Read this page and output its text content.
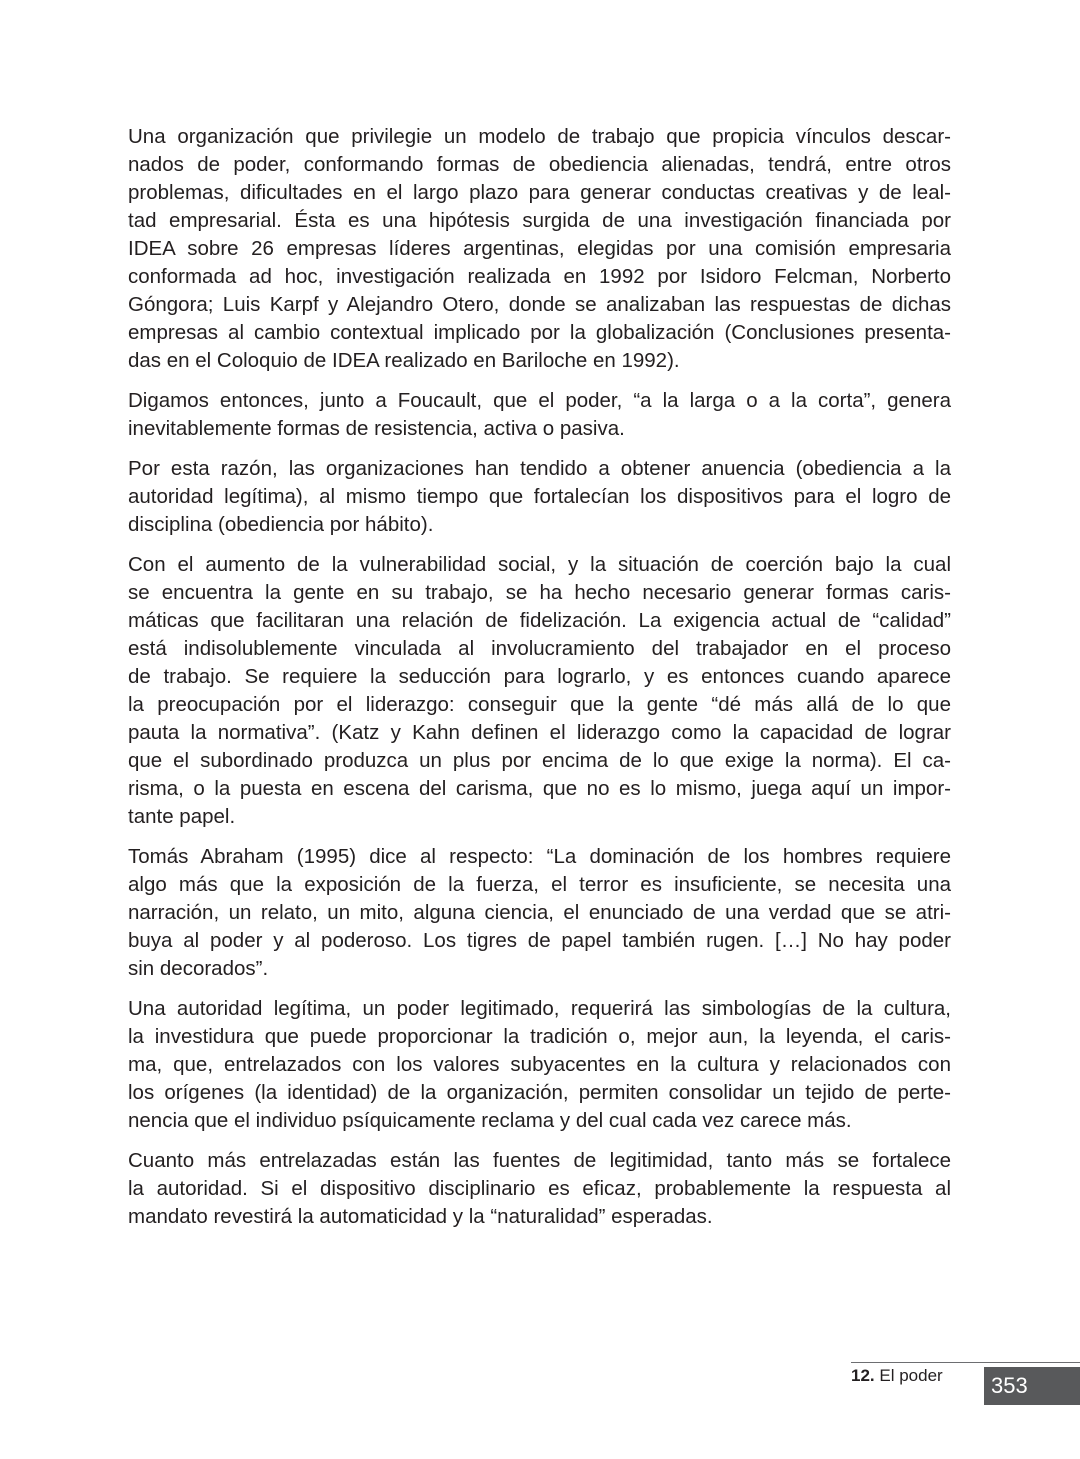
Una organización que privilegie un modelo de trabajo que propicia vínculos descar-
nados de poder, conformando formas de obediencia alienadas, tendrá, entre otros
problemas, dificultades en el largo plazo para generar conductas creativas y de leal-
tad empresarial. Ésta es una hipótesis surgida de una investigación financiada por
IDEA sobre 26 empresas líderes argentinas, elegidas por una comisión empresaria
conformada ad hoc, investigación realizada en 1992 por Isidoro Felcman, Norberto
Góngora; Luis Karpf y Alejandro Otero, donde se analizaban las respuestas de dichas
empresas al cambio contextual implicado por la globalización (Conclusiones presenta-
das en el Coloquio de IDEA realizado en Bariloche en 1992).
Digamos entonces, junto a Foucault, que el poder, “a la larga o a la corta”, genera
inevitablemente formas de resistencia, activa o pasiva.
Por esta razón, las organizaciones han tendido a obtener anuencia (obediencia a la
autoridad legítima), al mismo tiempo que fortalecían los dispositivos para el logro de
disciplina (obediencia por hábito).
Con el aumento de la vulnerabilidad social, y la situación de coerción bajo la cual
se encuentra la gente en su trabajo, se ha hecho necesario generar formas caris-
máticas que facilitaran una relación de fidelización. La exigencia actual de “calidad”
está indisolublemente vinculada al involucramiento del trabajador en el proceso
de trabajo. Se requiere la seducción para lograrlo, y es entonces cuando aparece
la preocupación por el liderazgo: conseguir que la gente “dé más allá de lo que
pauta la normativa”. (Katz y Kahn definen el liderazgo como la capacidad de lograr
que el subordinado produzca un plus por encima de lo que exige la norma). El ca-
risma, o la puesta en escena del carisma, que no es lo mismo, juega aquí un impor-
tante papel.
Tomás Abraham (1995) dice al respecto: “La dominación de los hombres requiere
algo más que la exposición de la fuerza, el terror es insuficiente, se necesita una
narración, un relato, un mito, alguna ciencia, el enunciado de una verdad que se atri-
buya al poder y al poderoso. Los tigres de papel también rugen. […] No hay poder
sin decorados”.
Una autoridad legítima, un poder legitimado, requerirá las simbologías de la cultura,
la investidura que puede proporcionar la tradición o, mejor aun, la leyenda, el caris-
ma, que, entrelazados con los valores subyacentes en la cultura y relacionados con
los orígenes (la identidad) de la organización, permiten consolidar un tejido de perte-
nencia que el individuo psíquicamente reclama y del cual cada vez carece más.
Cuanto más entrelazadas están las fuentes de legitimidad, tanto más se fortalece
la autoridad. Si el dispositivo disciplinario es eficaz, probablemente la respuesta al
mandato revestirá la automaticidad y la “naturalidad” esperadas.
12. El poder	353
